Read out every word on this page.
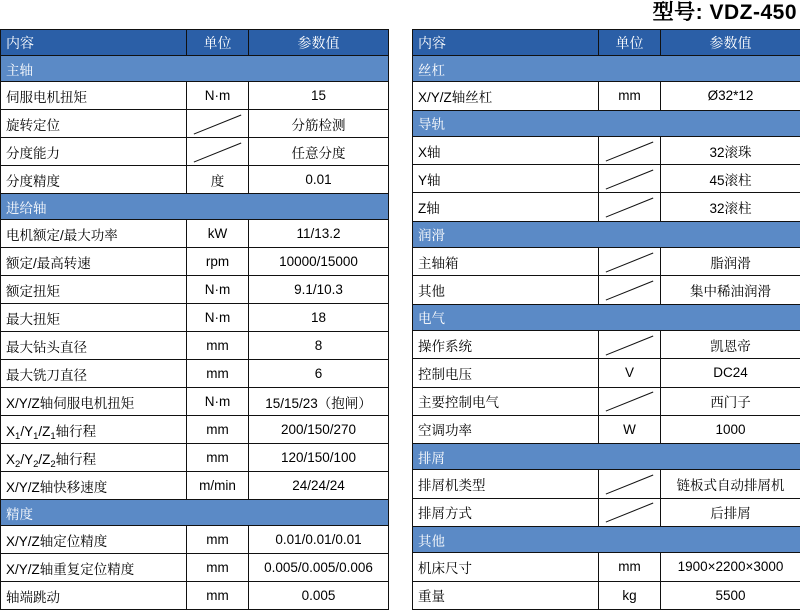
型号: VDZ-450
内容	单位	参数值
主轴		
伺服电机扭矩	N·m	15
旋转定位		分筋检测
分度能力		任意分度
分度精度	度	0.01
进给轴		
电机额定/最大功率	kW	11/13.2
额定/最高转速	rpm	10000/15000
额定扭矩	N·m	9.1/10.3
最大扭矩	N·m	18
最大钻头直径	mm	8
最大铣刀直径	mm	6
X/Y/Z轴伺服电机扭矩	N·m	15/15/23（抱闸）
$X_1/Y_1/Z_1$轴行程	mm	200/150/270
$X_2/Y_2/Z_2$轴行程	mm	120/150/100
X/Y/Z轴快移速度	m/min	24/24/24
精度		
X/Y/Z轴定位精度	mm	0.01/0.01/0.01
X/Y/Z轴重复定位精度	mm	0.005/0.005/0.006
轴端跳动	mm	0.005
内容	单位	参数值
丝杠		
X/Y/Z轴丝杠	mm	Ø32*12
导轨		
X轴		32滚珠
Y轴		45滚柱
Z轴		32滚柱
润滑		
主轴箱		脂润滑
其他		集中稀油润滑
电气		
操作系统		凯恩帝
控制电压	V	DC24
主要控制电气		西门子
空调功率	W	1000
排屑		
排屑机类型		链板式自动排屑机
排屑方式		后排屑
其他		
机床尺寸	mm	1900×2200×3000
重量	kg	5500
